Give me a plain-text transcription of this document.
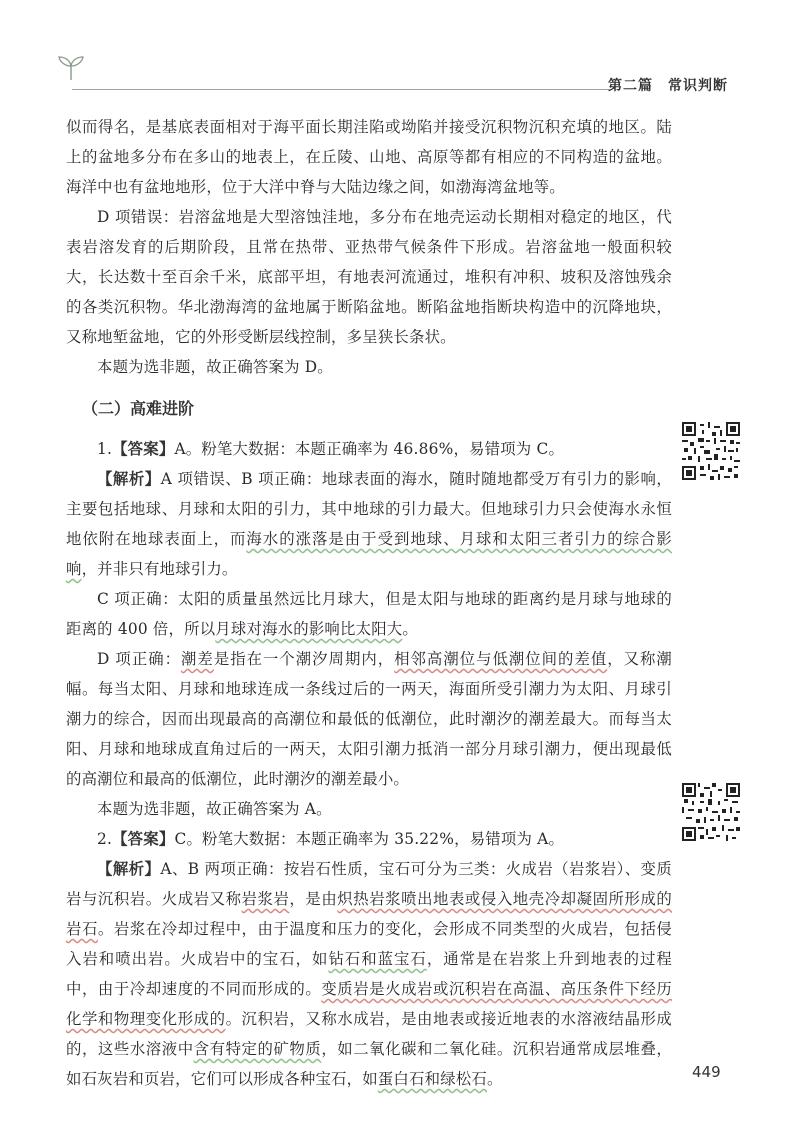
第二篇　常识判断

似而得名，是基底表面相对于海平面长期洼陷或坳陷并接受沉积物沉积充填的地区。陆上的盆地多分布在多山的地表上，在丘陵、山地、高原等都有相应的不同构造的盆地。海洋中也有盆地地形，位于大洋中脊与大陆边缘之间，如渤海湾盆地等。

D 项错误：岩溶盆地是大型溶蚀洼地，多分布在地壳运动长期相对稳定的地区，代表岩溶发育的后期阶段，且常在热带、亚热带气候条件下形成。岩溶盆地一般面积较大，长达数十至百余千米，底部平坦，有地表河流通过，堆积有冲积、坡积及溶蚀残余的各类沉积物。华北渤海湾的盆地属于断陷盆地。断陷盆地指断块构造中的沉降地块，又称地堑盆地，它的外形受断层线控制，多呈狭长条状。

本题为选非题，故正确答案为 D。

（二）高难进阶

1.【答案】A。粉笔大数据：本题正确率为 46.86%，易错项为 C。

【解析】A 项错误、B 项正确：地球表面的海水，随时随地都受万有引力的影响，主要包括地球、月球和太阳的引力，其中地球的引力最大。但地球引力只会使海水永恒地依附在地球表面上，而海水的涨落是由于受到地球、月球和太阳三者引力的综合影响，并非只有地球引力。

C 项正确：太阳的质量虽然远比月球大，但是太阳与地球的距离约是月球与地球的距离的 400 倍，所以月球对海水的影响比太阳大。

D 项正确：潮差是指在一个潮汐周期内，相邻高潮位与低潮位间的差值，又称潮幅。每当太阳、月球和地球连成一条线过后的一两天，海面所受引潮力为太阳、月球引潮力的综合，因而出现最高的高潮位和最低的低潮位，此时潮汐的潮差最大。而每当太阳、月球和地球成直角过后的一两天，太阳引潮力抵消一部分月球引潮力，便出现最低的高潮位和最高的低潮位，此时潮汐的潮差最小。

本题为选非题，故正确答案为 A。

2.【答案】C。粉笔大数据：本题正确率为 35.22%，易错项为 A。

【解析】A、B 两项正确：按岩石性质，宝石可分为三类：火成岩（岩浆岩）、变质岩与沉积岩。火成岩又称岩浆岩，是由炽热岩浆喷出地表或侵入地壳冷却凝固所形成的岩石。岩浆在冷却过程中，由于温度和压力的变化，会形成不同类型的火成岩，包括侵入岩和喷出岩。火成岩中的宝石，如钻石和蓝宝石，通常是在岩浆上升到地表的过程中，由于冷却速度的不同而形成的。变质岩是火成岩或沉积岩在高温、高压条件下经历化学和物理变化形成的。沉积岩，又称水成岩，是由地表或接近地表的水溶液结晶形成的，这些水溶液中含有特定的矿物质，如二氧化碳和二氧化硅。沉积岩通常成层堆叠，如石灰岩和页岩，它们可以形成各种宝石，如蛋白石和绿松石。	449
